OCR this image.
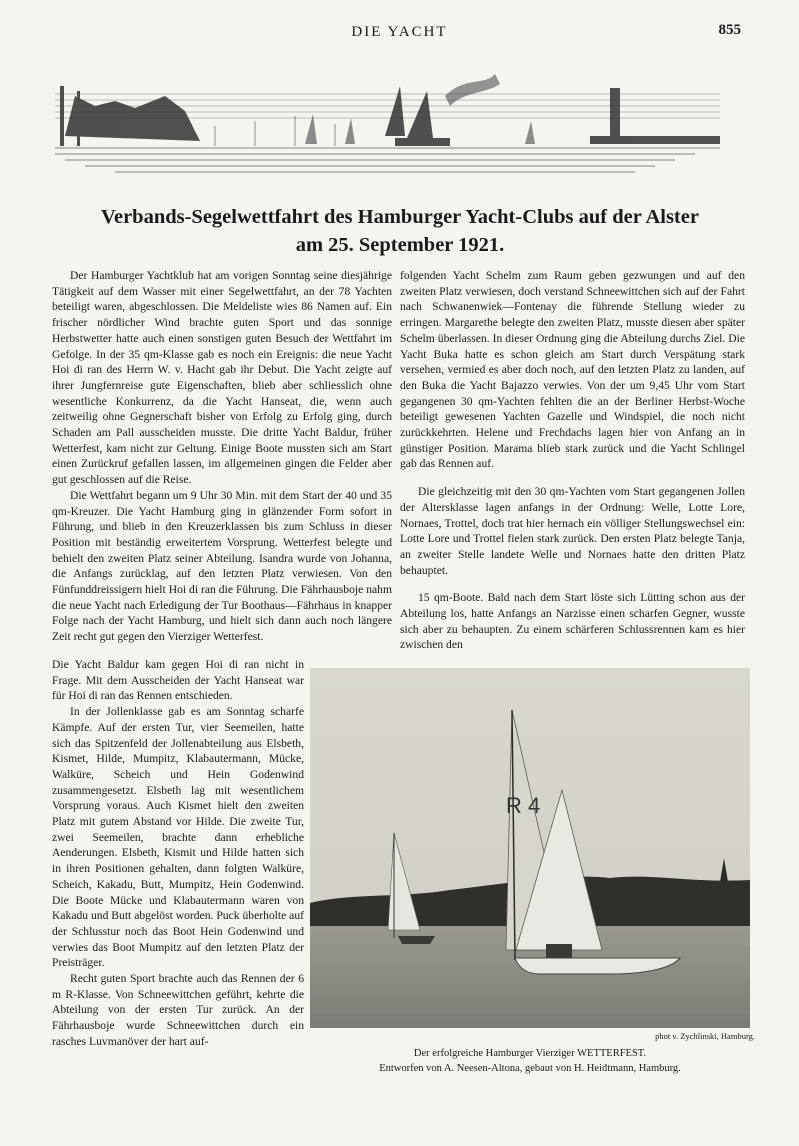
DIE YACHT	855
Verbands-Segelwettfahrt des Hamburger Yacht-Clubs auf der Alster
am 25. September 1921.

Der Hamburger Yachtklub hat am vorigen Sonntag seine diesjährige Tätigkeit auf dem Wasser mit einer Segelwettfahrt, an der 78 Yachten beteiligt waren, abgeschlossen. Die Meldeliste wies 86 Namen auf. Ein frischer nördlicher Wind brachte guten Sport und das sonnige Herbstwetter hatte auch einen sonstigen guten Besuch der Wettfahrt im Gefolge. In der 35 qm-Klasse gab es noch ein Ereignis: die neue Yacht Hoi di ran des Herrn W. v. Hacht gab ihr Debut. Die Yacht zeigte auf ihrer Jungfernreise gute Eigenschaften, blieb aber schliesslich ohne wesentliche Konkurrenz, da die Yacht Hanseat, die, wenn auch zeitweilig ohne Gegnerschaft bisher von Erfolg zu Erfolg ging, durch Schaden am Pall ausscheiden musste. Die dritte Yacht Baldur, früher Wetterfest, kam nicht zur Geltung. Einige Boote mussten sich am Start einen Zurückruf gefallen lassen, im allgemeinen gingen die Felder aber gut geschlossen auf die Reise.

Die Wettfahrt begann um 9 Uhr 30 Min. mit dem Start der 40 und 35 qm-Kreuzer. Die Yacht Hamburg ging in glänzender Form sofort in Führung, und blieb in den Kreuzerklassen bis zum Schluss in dieser Position mit beständig erweitertem Vorsprung. Wetterfest belegte und behielt den zweiten Platz seiner Abteilung. Isandra wurde von Johanna, die Anfangs zurücklag, auf den letzten Platz verwiesen. Von den Fünfunddreissigern hielt Hoi di ran die Führung. Die Fährhausboje nahm die neue Yacht nach Erledigung der Tur Boothaus—Fährhaus in knapper Folge nach der Yacht Hamburg, und hielt sich dann auch noch längere Zeit recht gut gegen den Vierziger Wetterfest.

Die Yacht Baldur kam gegen Hoi di ran nicht in Frage. Mit dem Ausscheiden der Yacht Hanseat war für Hoi di ran das Rennen entschieden.

In der Jollenklasse gab es am Sonntag scharfe Kämpfe. Auf der ersten Tur, vier Seemeilen, hatte sich das Spitzenfeld der Jollenabteilung aus Elsbeth, Kismet, Hilde, Mumpitz, Klabautermann, Mücke, Walküre, Scheich und Hein Godenwind zusammengesetzt. Elsbeth lag mit wesentlichem Vorsprung voraus. Auch Kismet hielt den zweiten Platz mit gutem Abstand vor Hilde. Die zweite Tur, zwei Seemeilen, brachte dann erhebliche Aenderungen. Elsbeth, Kismit und Hilde hatten sich in ihren Positionen gehalten, dann folgten Walküre, Scheich, Kakadu, Butt, Mumpitz, Hein Godenwind. Die Boote Mücke und Klabautermann waren von Kakadu und Butt abgelöst worden. Puck überholte auf der Schlusstur noch das Boot Hein Godenwind und verwies das Boot Mumpitz auf den letzten Platz der Preisträger.

Recht guten Sport brachte auch das Rennen der 6 m R-Klasse. Von Schneewittchen geführt, kehrte die Abteilung von der ersten Tur zurück. An der Fährhausboje wurde Schneewittchen durch ein rasches Luvmanöver der hart auf-

folgenden Yacht Schelm zum Raum geben gezwungen und auf den zweiten Platz verwiesen, doch verstand Schneewittchen sich auf der Fahrt nach Schwanenwiek—Fontenay die führende Stellung wieder zu erringen. Margarethe belegte den zweiten Platz, musste diesen aber später Schelm überlassen. In dieser Ordnung ging die Abteilung durchs Ziel. Die Yacht Buka hatte es schon gleich am Start durch Verspätung stark versehen, vermied es aber doch noch, auf den letzten Platz zu landen, auf den Buka die Yacht Bajazzo verwies. Von der um 9,45 Uhr vom Start gegangenen 30 qm-Yachten fehlten die an der Berliner Herbst-Woche beteiligt gewesenen Yachten Gazelle und Windspiel, die noch nicht zurückkehrten. Helene und Frechdachs lagen hier von Anfang an in günstiger Position. Marama blieb stark zurück und die Yacht Schlingel gab das Rennen auf.

Die gleichzeitig mit den 30 qm-Yachten vom Start gegangenen Jollen der Altersklasse lagen anfangs in der Ordnung: Welle, Lotte Lore, Nornaes, Trottel, doch trat hier hernach ein völliger Stellungswechsel ein: Lotte Lore und Trottel fielen stark zurück. Den ersten Platz belegte Tanja, an zweiter Stelle landete Welle und Nornaes hatte den dritten Platz behauptet.

15 qm-Boote. Bald nach dem Start löste sich Lütting schon aus der Abteilung los, hatte Anfangs an Narzisse einen scharfen Gegner, wusste sich aber zu behaupten. Zu einem schärferen Schlussrennen kam es hier zwischen den

R 4
phot v. Zychlinski, Hamburg.
Der erfolgreiche Hamburger Vierziger WETTERFEST.
Entworfen von A. Neesen-Altona, gebaut von H. Heidtmann, Hamburg.
